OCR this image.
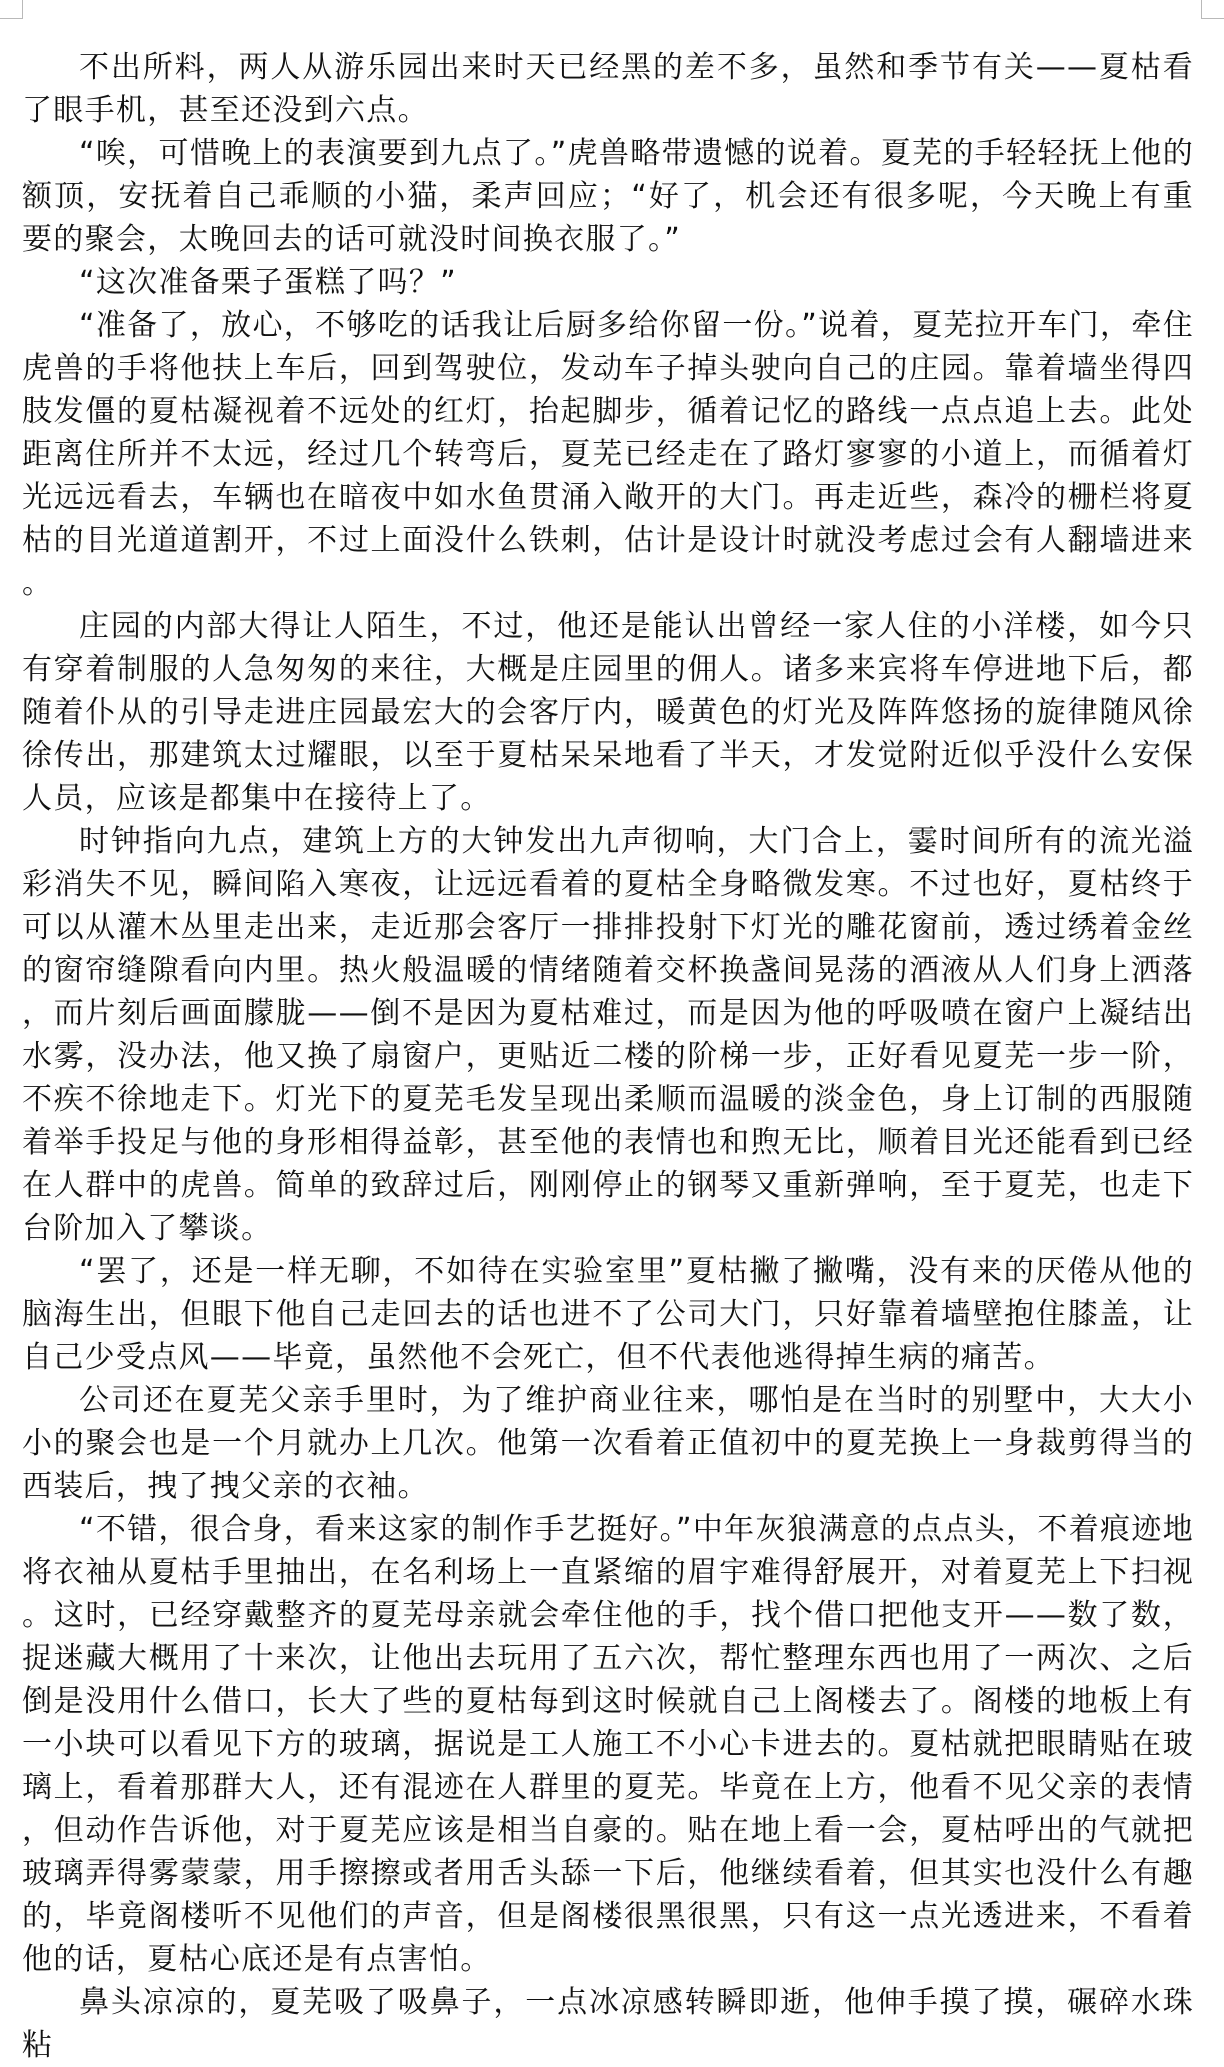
不出所料，两人从游乐园出来时天已经黑的差不多，虽然和季节有关——夏枯看了眼手机，甚至还没到六点。

“唉，可惜晚上的表演要到九点了。”虎兽略带遗憾的说着。夏芜的手轻轻抚上他的额顶，安抚着自己乖顺的小猫，柔声回应；“好了，机会还有很多呢，今天晚上有重要的聚会，太晚回去的话可就没时间换衣服了。”

“这次准备栗子蛋糕了吗？”

“准备了，放心，不够吃的话我让后厨多给你留一份。”说着，夏芜拉开车门，牵住虎兽的手将他扶上车后，回到驾驶位，发动车子掉头驶向自己的庄园。靠着墙坐得四肢发僵的夏枯凝视着不远处的红灯，抬起脚步，循着记忆的路线一点点追上去。此处距离住所并不太远，经过几个转弯后，夏芜已经走在了路灯寥寥的小道上，而循着灯光远远看去，车辆也在暗夜中如水鱼贯涌入敞开的大门。再走近些，森冷的栅栏将夏枯的目光道道割开，不过上面没什么铁刺，估计是设计时就没考虑过会有人翻墙进来。

庄园的内部大得让人陌生，不过，他还是能认出曾经一家人住的小洋楼，如今只有穿着制服的人急匆匆的来往，大概是庄园里的佣人。诸多来宾将车停进地下后，都随着仆从的引导走进庄园最宏大的会客厅内，暖黄色的灯光及阵阵悠扬的旋律随风徐徐传出，那建筑太过耀眼，以至于夏枯呆呆地看了半天，才发觉附近似乎没什么安保人员，应该是都集中在接待上了。

时钟指向九点，建筑上方的大钟发出九声彻响，大门合上，霎时间所有的流光溢彩消失不见，瞬间陷入寒夜，让远远看着的夏枯全身略微发寒。不过也好，夏枯终于可以从灌木丛里走出来，走近那会客厅一排排投射下灯光的雕花窗前，透过绣着金丝的窗帘缝隙看向内里。热火般温暖的情绪随着交杯换盏间晃荡的酒液从人们身上洒落，而片刻后画面朦胧——倒不是因为夏枯难过，而是因为他的呼吸喷在窗户上凝结出水雾，没办法，他又换了扇窗户，更贴近二楼的阶梯一步，正好看见夏芜一步一阶，不疾不徐地走下。灯光下的夏芜毛发呈现出柔顺而温暖的淡金色，身上订制的西服随着举手投足与他的身形相得益彰，甚至他的表情也和煦无比，顺着目光还能看到已经在人群中的虎兽。简单的致辞过后，刚刚停止的钢琴又重新弹响，至于夏芜，也走下台阶加入了攀谈。

“罢了，还是一样无聊，不如待在实验室里”夏枯撇了撇嘴，没有来的厌倦从他的脑海生出，但眼下他自己走回去的话也进不了公司大门，只好靠着墙壁抱住膝盖，让自己少受点风——毕竟，虽然他不会死亡，但不代表他逃得掉生病的痛苦。

公司还在夏芜父亲手里时，为了维护商业往来，哪怕是在当时的别墅中，大大小小的聚会也是一个月就办上几次。他第一次看着正值初中的夏芜换上一身裁剪得当的西装后，拽了拽父亲的衣袖。

“不错，很合身，看来这家的制作手艺挺好。”中年灰狼满意的点点头，不着痕迹地将衣袖从夏枯手里抽出，在名利场上一直紧缩的眉宇难得舒展开，对着夏芜上下扫视。这时，已经穿戴整齐的夏芜母亲就会牵住他的手，找个借口把他支开——数了数，捉迷藏大概用了十来次，让他出去玩用了五六次，帮忙整理东西也用了一两次、之后倒是没用什么借口，长大了些的夏枯每到这时候就自己上阁楼去了。阁楼的地板上有一小块可以看见下方的玻璃，据说是工人施工不小心卡进去的。夏枯就把眼睛贴在玻璃上，看着那群大人，还有混迹在人群里的夏芜。毕竟在上方，他看不见父亲的表情，但动作告诉他，对于夏芜应该是相当自豪的。贴在地上看一会，夏枯呼出的气就把玻璃弄得雾蒙蒙，用手擦擦或者用舌头舔一下后，他继续看着，但其实也没什么有趣的，毕竟阁楼听不见他们的声音，但是阁楼很黑很黑，只有这一点光透进来，不看着他的话，夏枯心底还是有点害怕。

鼻头凉凉的，夏芜吸了吸鼻子，一点冰凉感转瞬即逝，他伸手摸了摸，碾碎水珠粘
